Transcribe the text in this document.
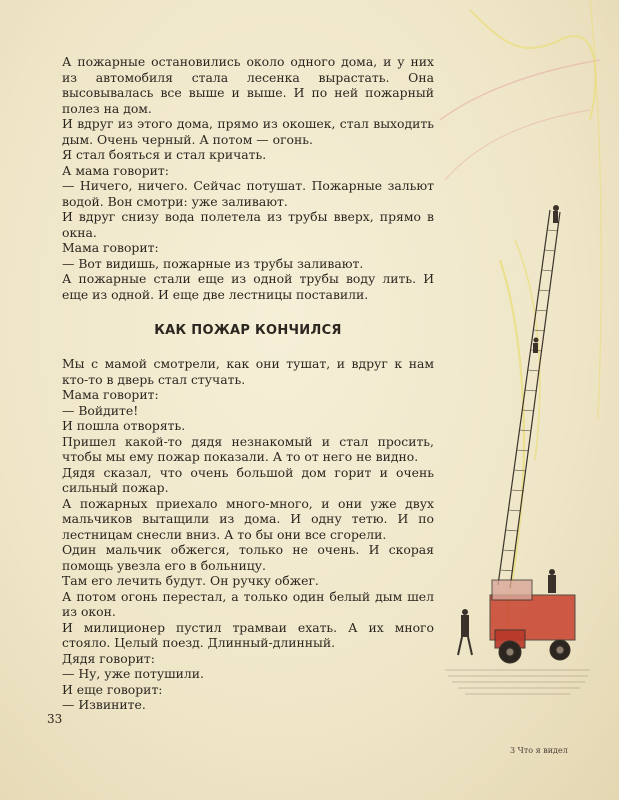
А пожарные остановились около одного дома, и у них из автомобиля стала лесенка вырастать. Она высовывалась все выше и выше. И по ней пожарный полез на дом.

И вдруг из этого дома, прямо из окошек, стал выходить дым. Очень черный. А потом — огонь.

Я стал бояться и стал кричать.

А мама говорит:

— Ничего, ничего. Сейчас потушат. Пожарные зальют водой. Вон смотри: уже заливают.

И вдруг снизу вода полетела из трубы вверх, прямо в окна.

Мама говорит:

— Вот видишь, пожарные из трубы заливают.

А пожарные стали еще из одной трубы воду лить. И еще из одной. И еще две лестницы поставили.

КАК ПОЖАР КОНЧИЛСЯ

Мы с мамой смотрели, как они тушат, и вдруг к нам кто-то в дверь стал стучать.

Мама говорит:

— Войдите!

И пошла отворять.

Пришел какой-то дядя незнакомый и стал просить, чтобы мы ему пожар показали. А то от него не видно.

Дядя сказал, что очень большой дом горит и очень сильный пожар.

А пожарных приехало много-много, и они уже двух мальчиков вытащили из дома. И одну тетю. И по лестницам снесли вниз. А то бы они все сгорели.

Один мальчик обжегся, только не очень. И скорая помощь увезла его в больницу.

Там его лечить будут. Он ручку обжег.

А потом огонь перестал, а только один белый дым шел из окон.

И милиционер пустил трамваи ехать. А их много стояло. Целый поезд. Длинный-длинный.

Дядя говорит:

— Ну, уже потушили.

И еще говорит:

— Извините.

33
3 Что я видел
